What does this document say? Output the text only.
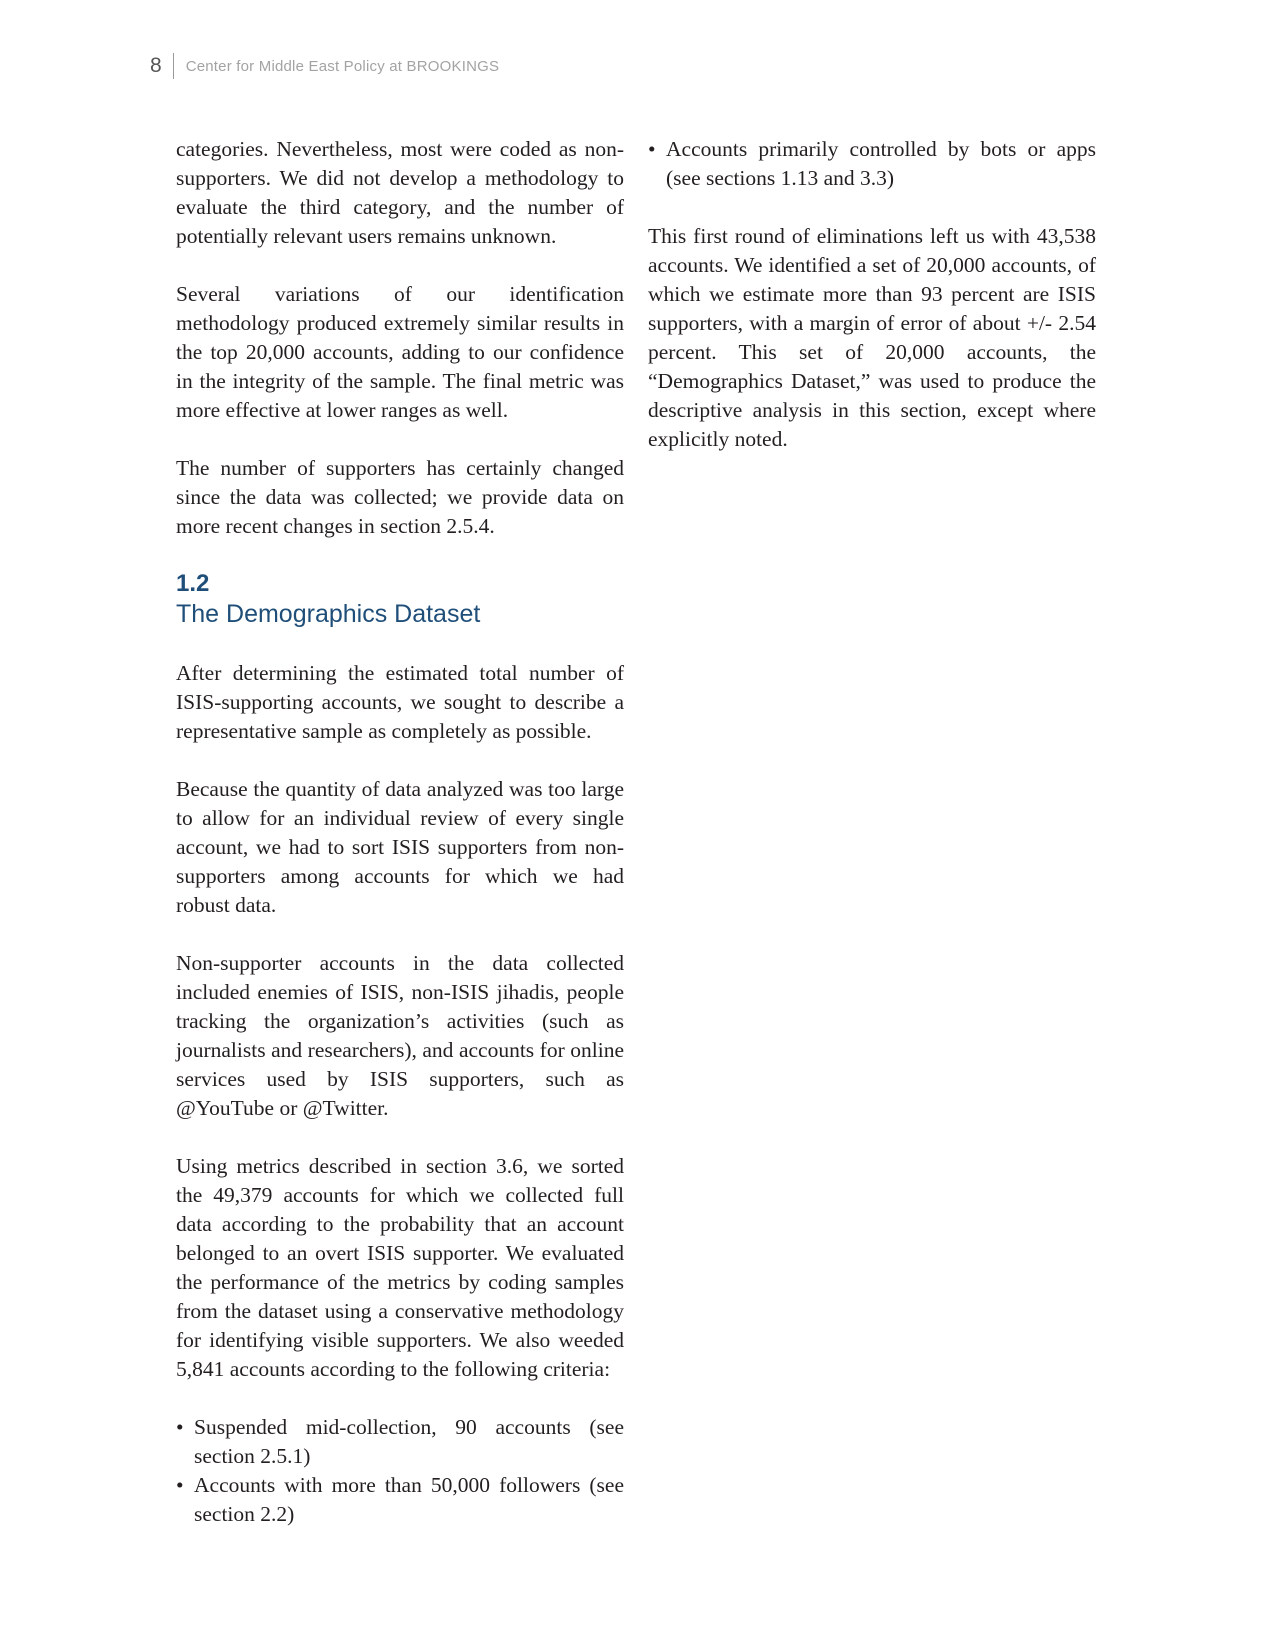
8 Center for Middle East Policy at BROOKINGS

categories. Nevertheless, most were coded as non-supporters. We did not develop a methodology to evaluate the third category, and the number of potentially relevant users remains unknown.

Several variations of our identification methodology produced extremely similar results in the top 20,000 accounts, adding to our confidence in the integrity of the sample. The final metric was more effective at lower ranges as well.

The number of supporters has certainly changed since the data was collected; we provide data on more recent changes in section 2.5.4.

1.2
The Demographics Dataset

After determining the estimated total number of ISIS-supporting accounts, we sought to describe a representative sample as completely as possible.

Because the quantity of data analyzed was too large to allow for an individual review of every single account, we had to sort ISIS supporters from non-supporters among accounts for which we had robust data.

Non-supporter accounts in the data collected included enemies of ISIS, non-ISIS jihadis, people tracking the organization’s activities (such as journalists and researchers), and accounts for online services used by ISIS supporters, such as @YouTube or @Twitter.

Using metrics described in section 3.6, we sorted the 49,379 accounts for which we collected full data according to the probability that an account belonged to an overt ISIS supporter. We evaluated the performance of the metrics by coding samples from the dataset using a conservative methodology for identifying visible supporters. We also weeded 5,841 accounts according to the following criteria:

• Suspended mid-collection, 90 accounts (see section 2.5.1)
• Accounts with more than 50,000 followers (see section 2.2)
• Accounts primarily controlled by bots or apps (see sections 1.13 and 3.3)

This first round of eliminations left us with 43,538 accounts. We identified a set of 20,000 accounts, of which we estimate more than 93 percent are ISIS supporters, with a margin of error of about +/- 2.54 percent. This set of 20,000 accounts, the “Demographics Dataset,” was used to produce the descriptive analysis in this section, except where explicitly noted.
